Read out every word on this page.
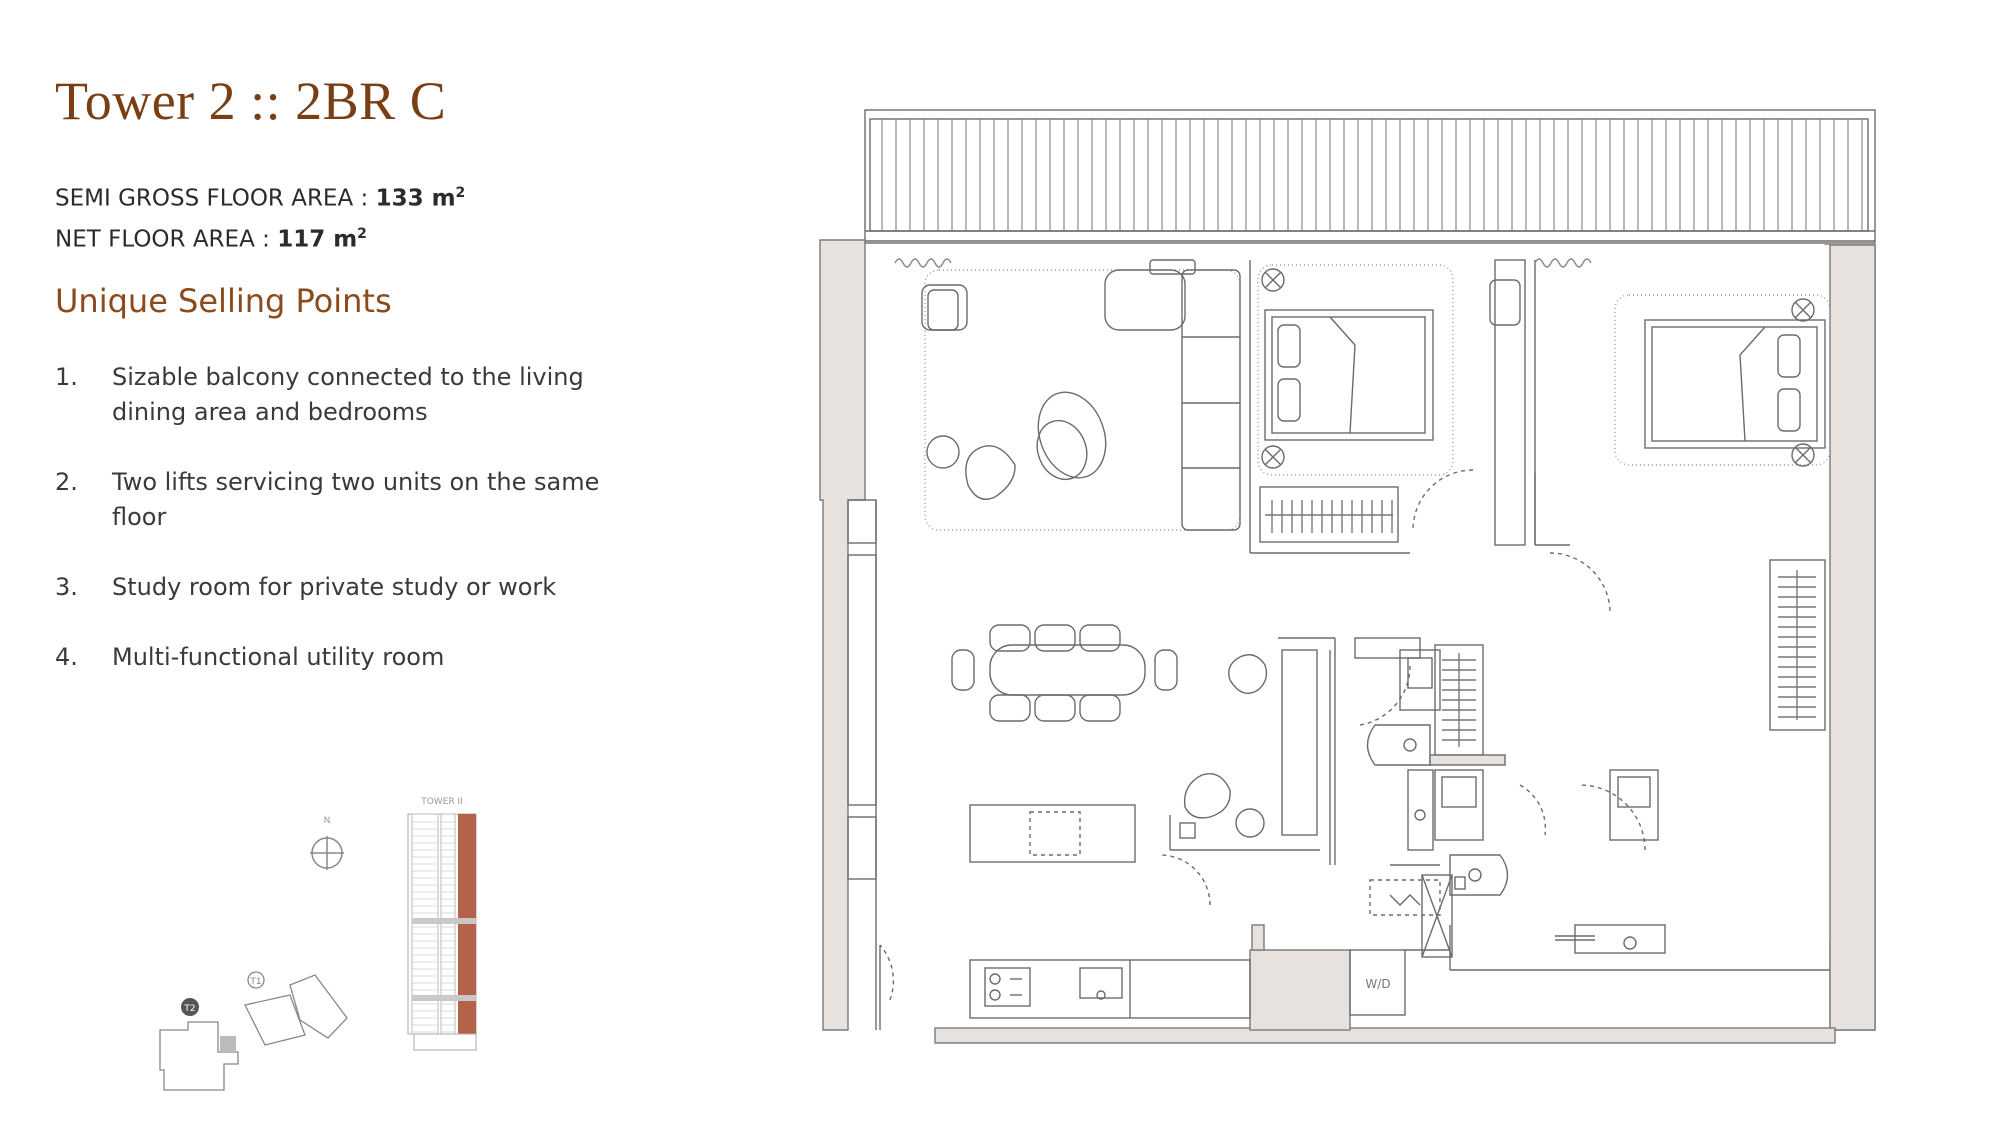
Tower 2 :: 2BR C
SEMI GROSS FLOOR AREA : 133 $m^2$
NET FLOOR AREA : 117 $m^2$
Unique Selling Points
1.	Sizable balcony connected to the living dining area and bedrooms
2.	Two lifts servicing two units on the same floor
3.	Study room for private study or work
4.	Multi-functional utility room
N
TOWER II
T1
T2
W/D
